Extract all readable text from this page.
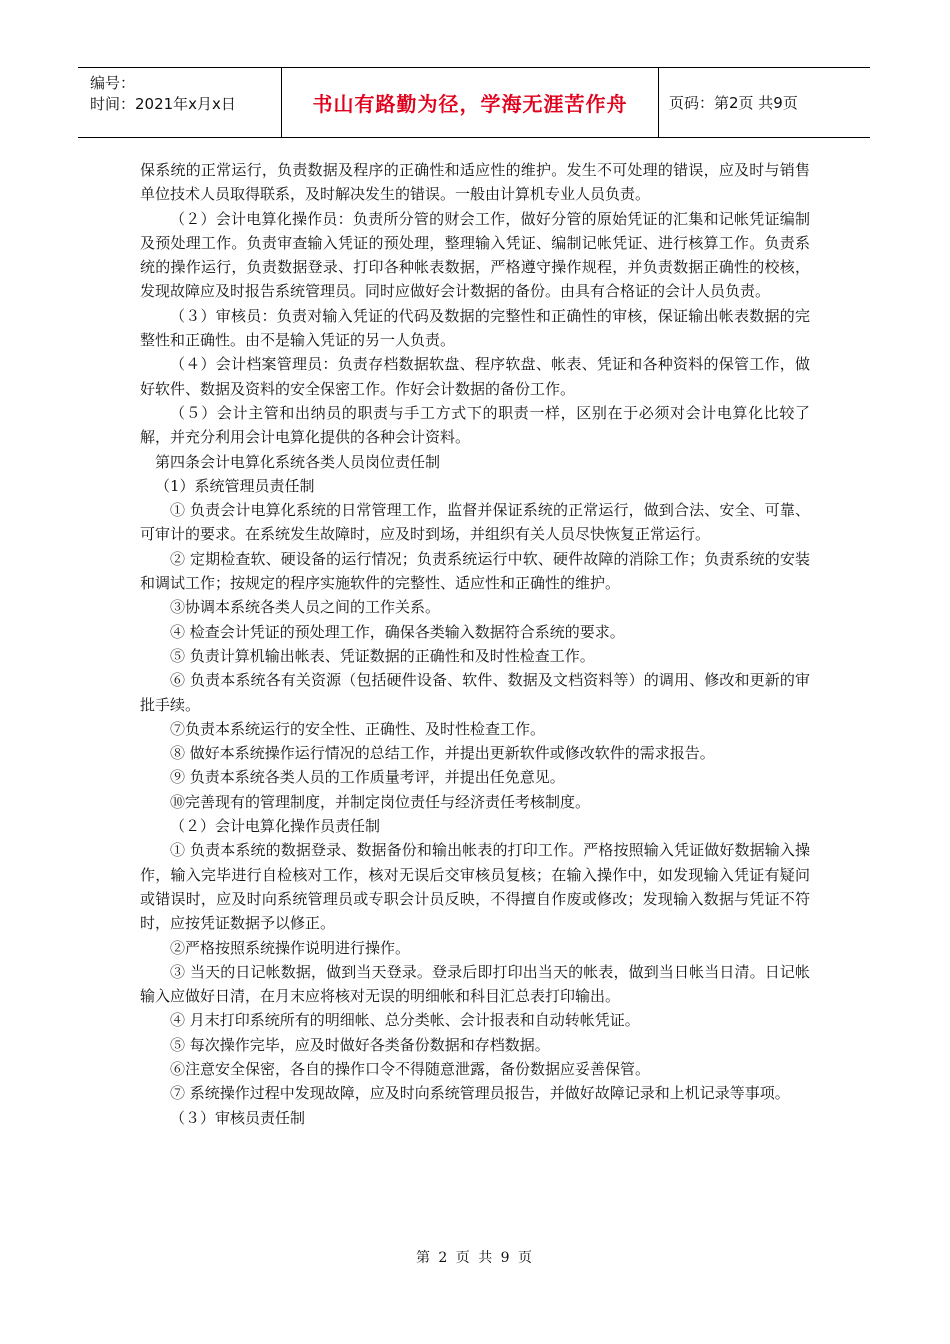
编号：
时间：2021年x月x日	书山有路勤为径，学海无涯苦作舟	页码：第2页 共9页

保系统的正常运行，负责数据及程序的正确性和适应性的维护。发生不可处理的错误，应及时与销售单位技术人员取得联系，及时解决发生的错误。一般由计算机专业人员负责。

（２）会计电算化操作员：负责所分管的财会工作，做好分管的原始凭证的汇集和记帐凭证编制及预处理工作。负责审查输入凭证的预处理，整理输入凭证、编制记帐凭证、进行核算工作。负责系统的操作运行，负责数据登录、打印各种帐表数据，严格遵守操作规程，并负责数据正确性的校核，发现故障应及时报告系统管理员。同时应做好会计数据的备份。由具有合格证的会计人员负责。

（３）审核员：负责对输入凭证的代码及数据的完整性和正确性的审核，保证输出帐表数据的完整性和正确性。由不是输入凭证的另一人负责。

（４）会计档案管理员：负责存档数据软盘、程序软盘、帐表、凭证和各种资料的保管工作，做好软件、数据及资料的安全保密工作。作好会计数据的备份工作。

（５）会计主管和出纳员的职责与手工方式下的职责一样，区别在于必须对会计电算化比较了解，并充分利用会计电算化提供的各种会计资料。

第四条会计电算化系统各类人员岗位责任制

（1）系统管理员责任制

① 负责会计电算化系统的日常管理工作，监督并保证系统的正常运行，做到合法、安全、可靠、可审计的要求。在系统发生故障时，应及时到场，并组织有关人员尽快恢复正常运行。

② 定期检查软、硬设备的运行情况；负责系统运行中软、硬件故障的消除工作；负责系统的安装和调试工作；按规定的程序实施软件的完整性、适应性和正确性的维护。

③协调本系统各类人员之间的工作关系。

④ 检查会计凭证的预处理工作，确保各类输入数据符合系统的要求。

⑤ 负责计算机输出帐表、凭证数据的正确性和及时性检查工作。

⑥ 负责本系统各有关资源（包括硬件设备、软件、数据及文档资料等）的调用、修改和更新的审批手续。

⑦负责本系统运行的安全性、正确性、及时性检查工作。

⑧ 做好本系统操作运行情况的总结工作，并提出更新软件或修改软件的需求报告。

⑨ 负责本系统各类人员的工作质量考评，并提出任免意见。

⑩完善现有的管理制度，并制定岗位责任与经济责任考核制度。

（２）会计电算化操作员责任制

① 负责本系统的数据登录、数据备份和输出帐表的打印工作。严格按照输入凭证做好数据输入操作，输入完毕进行自检核对工作，核对无误后交审核员复核；在输入操作中，如发现输入凭证有疑问或错误时，应及时向系统管理员或专职会计员反映，不得擅自作废或修改；发现输入数据与凭证不符时，应按凭证数据予以修正。

②严格按照系统操作说明进行操作。

③ 当天的日记帐数据，做到当天登录。登录后即打印出当天的帐表，做到当日帐当日清。日记帐输入应做好日清，在月末应将核对无误的明细帐和科目汇总表打印输出。

④ 月末打印系统所有的明细帐、总分类帐、会计报表和自动转帐凭证。

⑤ 每次操作完毕，应及时做好各类备份数据和存档数据。

⑥注意安全保密，各自的操作口令不得随意泄露，备份数据应妥善保管。

⑦ 系统操作过程中发现故障，应及时向系统管理员报告，并做好故障记录和上机记录等事项。

（３）审核员责任制

第 2 页 共 9 页
